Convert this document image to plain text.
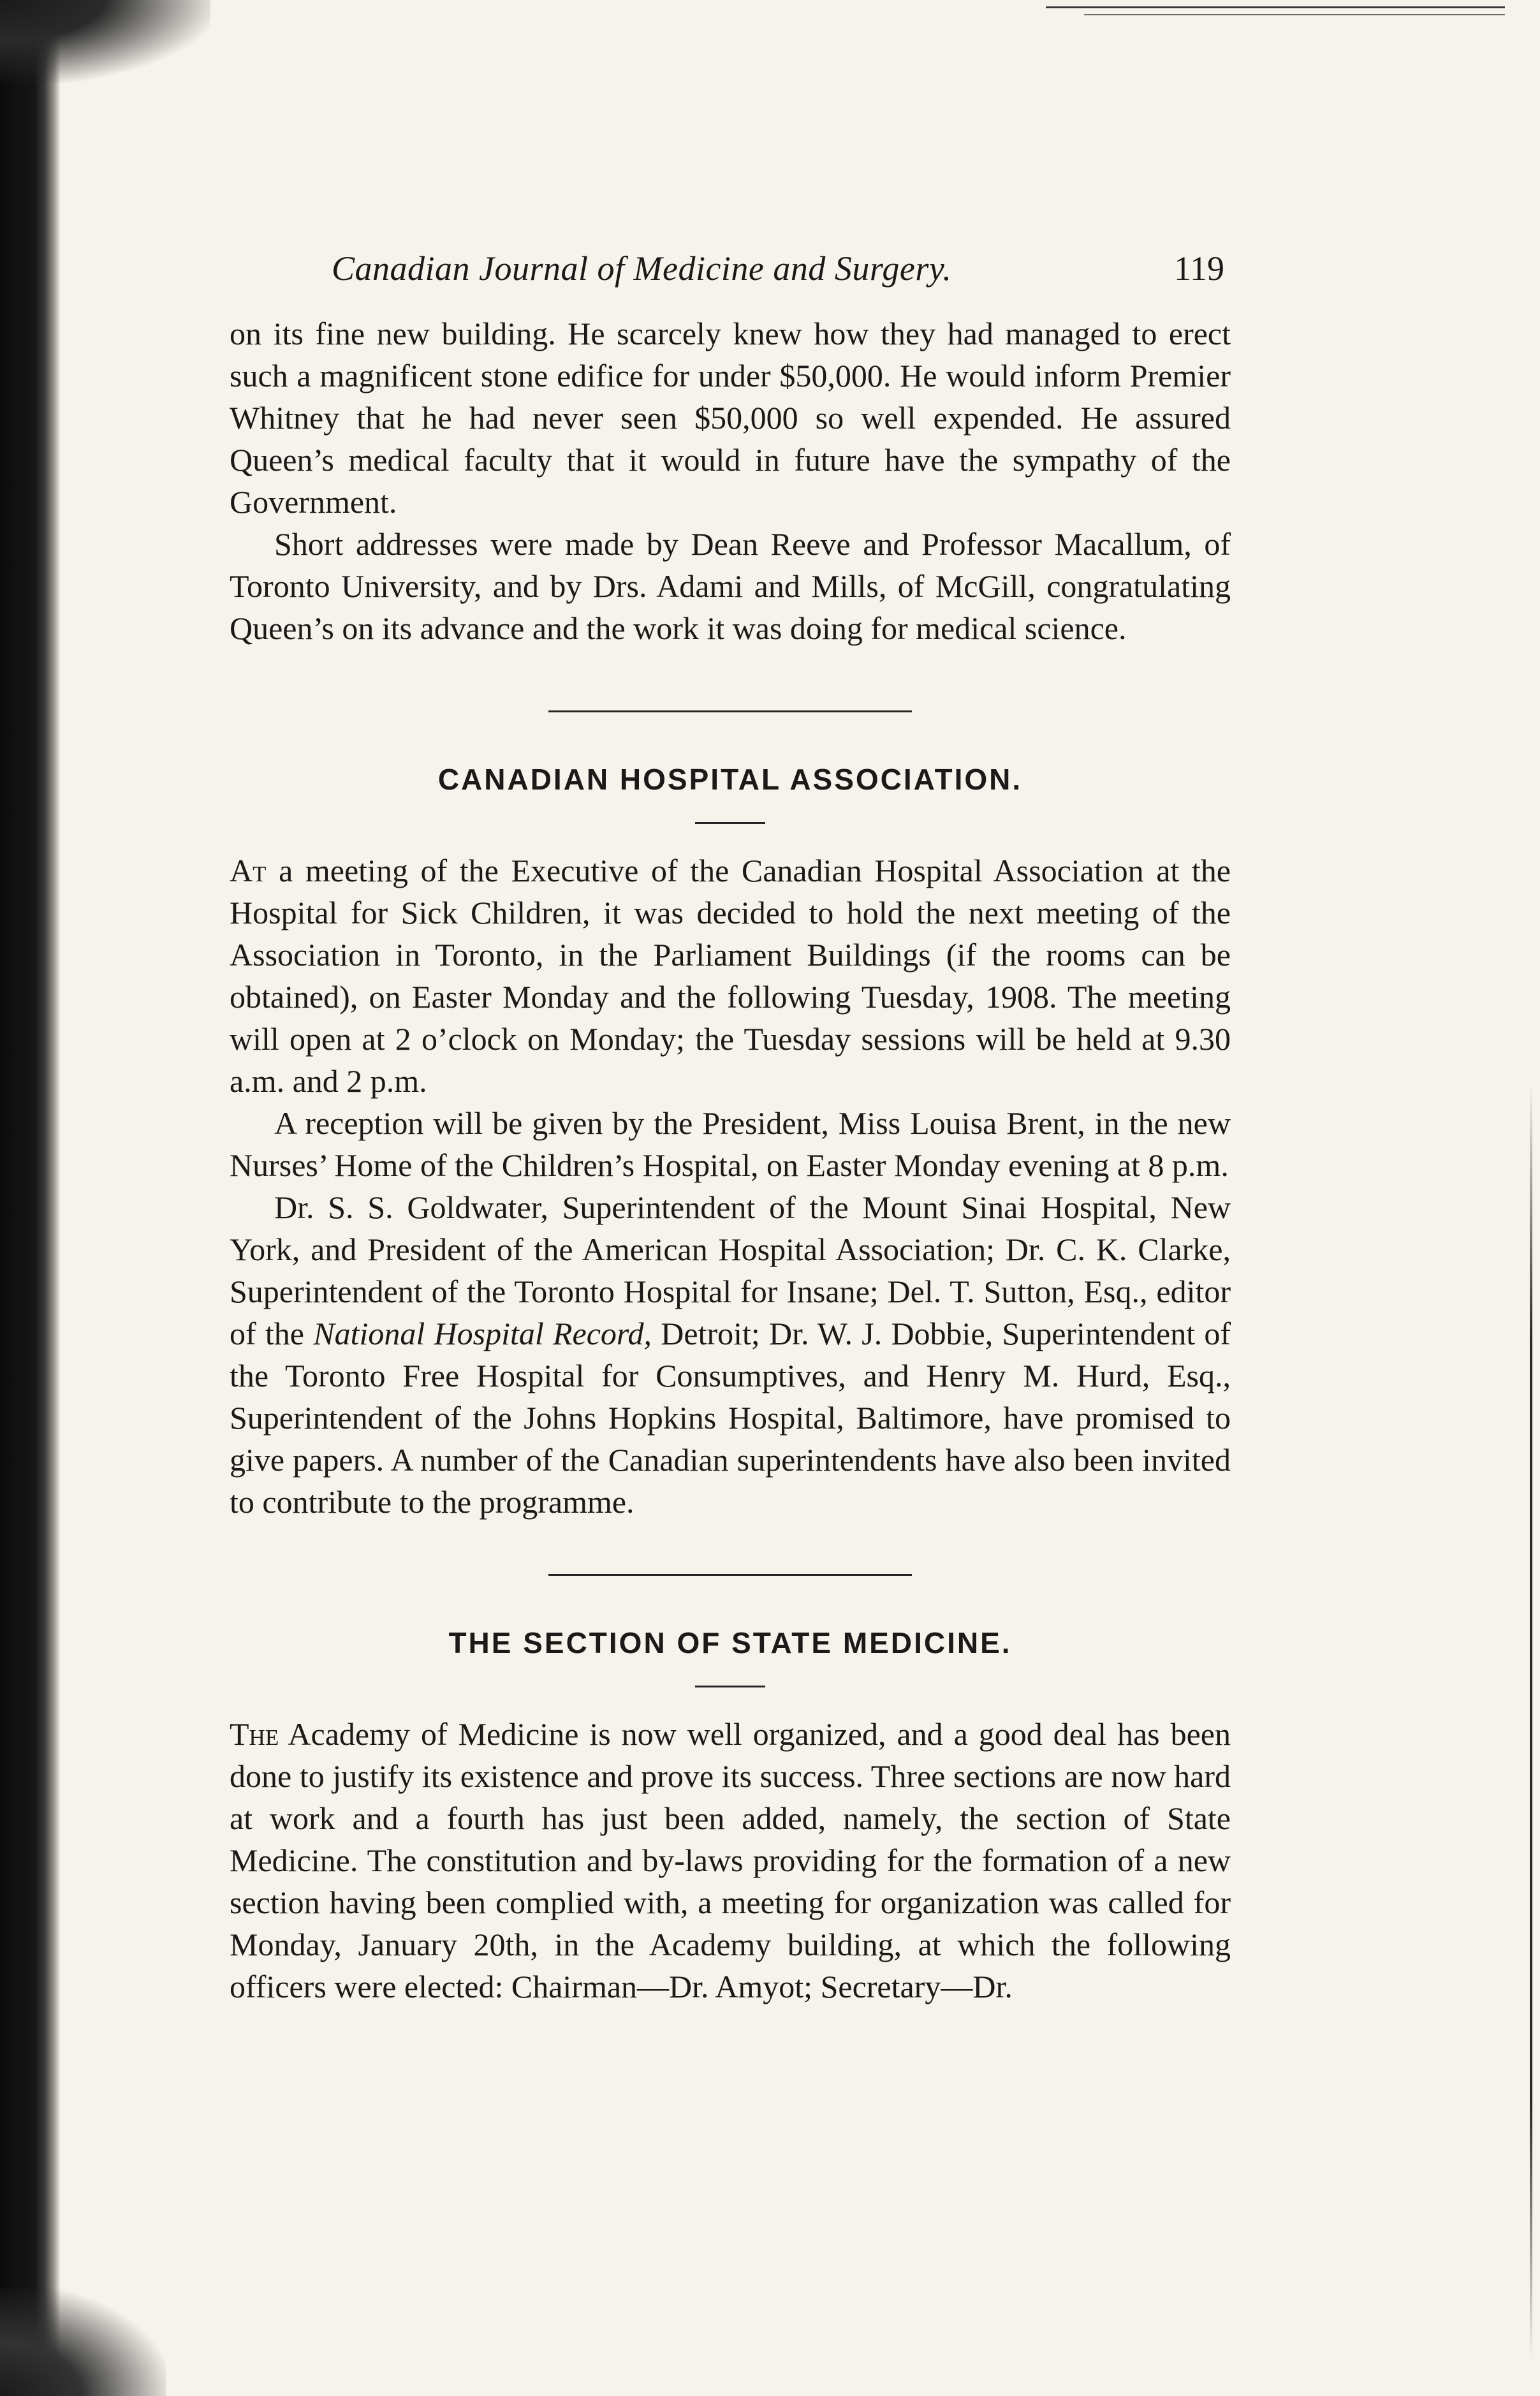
Canadian Journal of Medicine and Surgery.	119

on its fine new building. He scarcely knew how they had managed to erect such a magnificent stone edifice for under $50,000. He would inform Premier Whitney that he had never seen $50,000 so well expended. He assured Queen’s medical faculty that it would in future have the sympathy of the Government.

Short addresses were made by Dean Reeve and Professor Macallum, of Toronto University, and by Drs. Adami and Mills, of McGill, congratulating Queen’s on its advance and the work it was doing for medical science.

CANADIAN HOSPITAL ASSOCIATION.

At a meeting of the Executive of the Canadian Hospital Association at the Hospital for Sick Children, it was decided to hold the next meeting of the Association in Toronto, in the Parliament Buildings (if the rooms can be obtained), on Easter Monday and the following Tuesday, 1908. The meeting will open at 2 o’clock on Monday; the Tuesday sessions will be held at 9.30 a.m. and 2 p.m.

A reception will be given by the President, Miss Louisa Brent, in the new Nurses’ Home of the Children’s Hospital, on Easter Monday evening at 8 p.m.

Dr. S. S. Goldwater, Superintendent of the Mount Sinai Hospital, New York, and President of the American Hospital Association; Dr. C. K. Clarke, Superintendent of the Toronto Hospital for Insane; Del. T. Sutton, Esq., editor of the National Hospital Record, Detroit; Dr. W. J. Dobbie, Superintendent of the Toronto Free Hospital for Consumptives, and Henry M. Hurd, Esq., Superintendent of the Johns Hopkins Hospital, Baltimore, have promised to give papers. A number of the Canadian superintendents have also been invited to contribute to the programme.

THE SECTION OF STATE MEDICINE.

The Academy of Medicine is now well organized, and a good deal has been done to justify its existence and prove its success. Three sections are now hard at work and a fourth has just been added, namely, the section of State Medicine. The constitution and by-laws providing for the formation of a new section having been complied with, a meeting for organization was called for Monday, January 20th, in the Academy building, at which the following officers were elected: Chairman—Dr. Amyot; Secretary—Dr.
